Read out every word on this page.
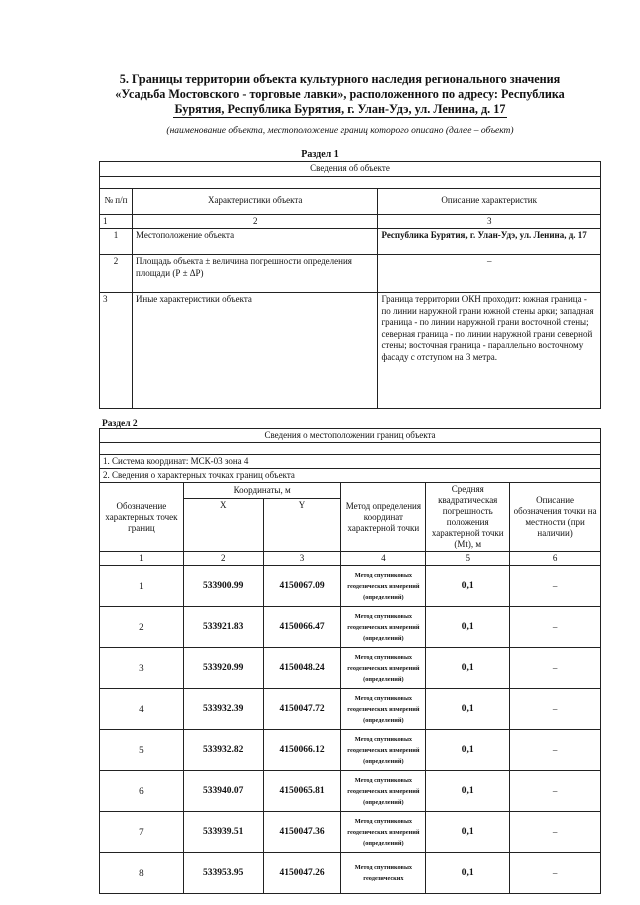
5. Границы территории объекта культурного наследия регионального значения
«Усадьба Мостовского - торговые лавки», расположенного по адресу: Республика
Бурятия, Республика Бурятия, г. Улан-Удэ, ул. Ленина, д. 17
(наименование объекта, местоположение границ которого описано (далее – объект)
Раздел 1
Сведения об объекте		

№ п/п	Характеристики объекта	Описание характеристик
1	2	3
1	Местоположение объекта	Республика Бурятия, г. Улан-Удэ, ул. Ленина, д. 17
2	Площадь объекта ± величина погрешности определения площади (Р ± ΔР)	–
3	Иные характеристики объекта	Граница территории ОКН проходит: южная граница - по линии наружной грани южной стены арки; западная граница - по линии наружной грани восточной стены; северная граница - по линии наружной грани северной стены; восточная граница - параллельно восточному фасаду с отступом на 3 метра.
Раздел 2
Сведения о местоположении границ объекта					

1. Система координат: МСК-03 зона 4					
2. Сведения о характерных точках границ объекта					
Обозначение характерных точек границ	Координаты, м		Метод определения координат характерной точки	Средняя квадратическая погрешность положения характерной точки (Mt), м	Описание обозначения точки на местности (при наличии)
	X	Y			
1	2	3	4	5	6
1	533900.99	4150067.09	Метод спутниковых геодезических измерений (определений)	0,1	–
2	533921.83	4150066.47	Метод спутниковых геодезических измерений (определений)	0,1	–
3	533920.99	4150048.24	Метод спутниковых геодезических измерений (определений)	0,1	–
4	533932.39	4150047.72	Метод спутниковых геодезических измерений (определений)	0,1	–
5	533932.82	4150066.12	Метод спутниковых геодезических измерений (определений)	0,1	–
6	533940.07	4150065.81	Метод спутниковых геодезических измерений (определений)	0,1	–
7	533939.51	4150047.36	Метод спутниковых геодезических измерений (определений)	0,1	–
8	533953.95	4150047.26	Метод спутниковых геодезических	0,1	–
